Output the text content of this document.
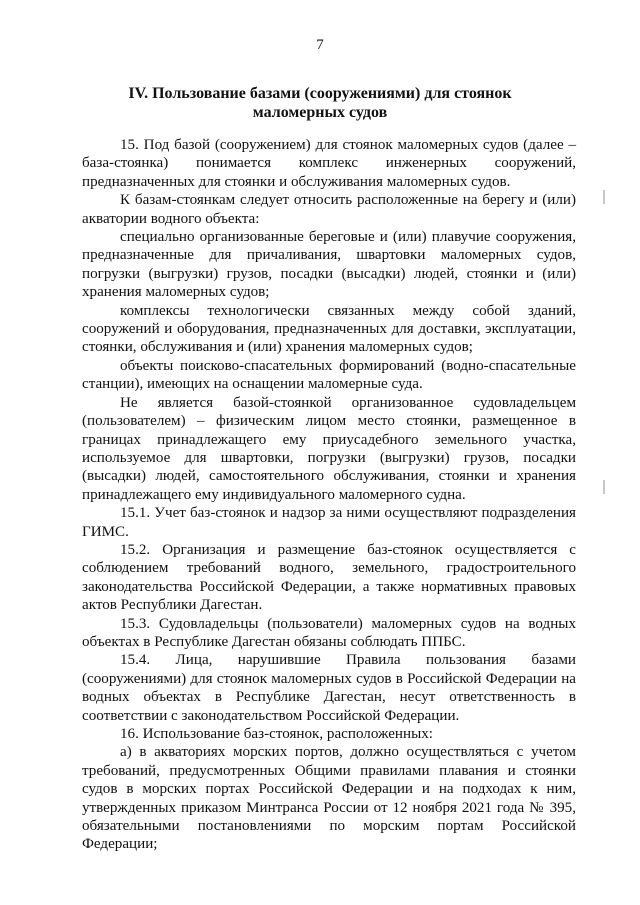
7
IV. Пользование базами (сооружениями) для стоянок
маломерных судов

15. Под базой (сооружением) для стоянок маломерных судов (далее – база-стоянка) понимается комплекс инженерных сооружений, предназначенных для стоянки и обслуживания маломерных судов.

К базам-стоянкам следует относить расположенные на берегу и (или) акватории водного объекта:

специально организованные береговые и (или) плавучие сооружения, предназначенные для причаливания, швартовки маломерных судов, погрузки (выгрузки) грузов, посадки (высадки) людей, стоянки и (или) хранения маломерных судов;

комплексы технологически связанных между собой зданий, сооружений и оборудования, предназначенных для доставки, эксплуатации, стоянки, обслуживания и (или) хранения маломерных судов;

объекты поисково-спасательных формирований (водно-спасательные станции), имеющих на оснащении маломерные суда.

Не является базой-стоянкой организованное судовладельцем (пользователем) – физическим лицом место стоянки, размещенное в границах принадлежащего ему приусадебного земельного участка, используемое для швартовки, погрузки (выгрузки) грузов, посадки (высадки) людей, самостоятельного обслуживания, стоянки и хранения принадлежащего ему индивидуального маломерного судна.

15.1. Учет баз-стоянок и надзор за ними осуществляют подразделения ГИМС.

15.2. Организация и размещение баз-стоянок осуществляется с соблюдением требований водного, земельного, градостроительного законодательства Российской Федерации, а также нормативных правовых актов Республики Дагестан.

15.3. Судовладельцы (пользователи) маломерных судов на водных объектах в Республике Дагестан обязаны соблюдать ППБС.

15.4. Лица, нарушившие Правила пользования базами (сооружениями) для стоянок маломерных судов в Российской Федерации на водных объектах в Республике Дагестан, несут ответственность в соответствии с законодательством Российской Федерации.

16. Использование баз-стоянок, расположенных:

а) в акваториях морских портов, должно осуществляться с учетом требований, предусмотренных Общими правилами плавания и стоянки судов в морских портах Российской Федерации и на подходах к ним, утвержденных приказом Минтранса России от 12 ноября 2021 года № 395, обязательными постановлениями по морским портам Российской Федерации;
